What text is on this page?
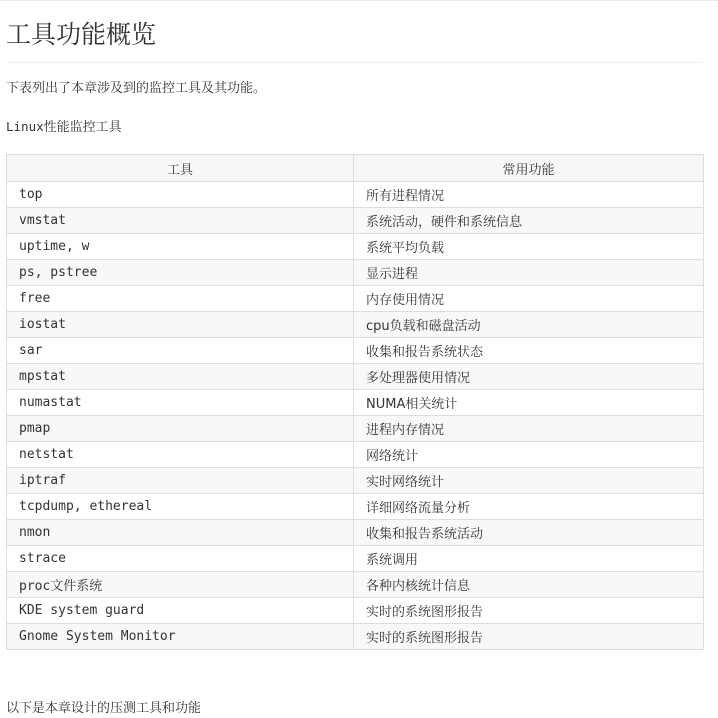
工具功能概览

下表列出了本章涉及到的监控工具及其功能。

Linux性能监控工具

工具	常用功能
top	所有进程情况
vmstat	系统活动，硬件和系统信息
uptime, w	系统平均负载
ps, pstree	显示进程
free	内存使用情况
iostat	cpu负载和磁盘活动
sar	收集和报告系统状态
mpstat	多处理器使用情况
numastat	NUMA相关统计
pmap	进程内存情况
netstat	网络统计
iptraf	实时网络统计
tcpdump, ethereal	详细网络流量分析
nmon	收集和报告系统活动
strace	系统调用
proc文件系统	各种内核统计信息
KDE system guard	实时的系统图形报告
Gnome System Monitor	实时的系统图形报告

以下是本章设计的压测工具和功能
